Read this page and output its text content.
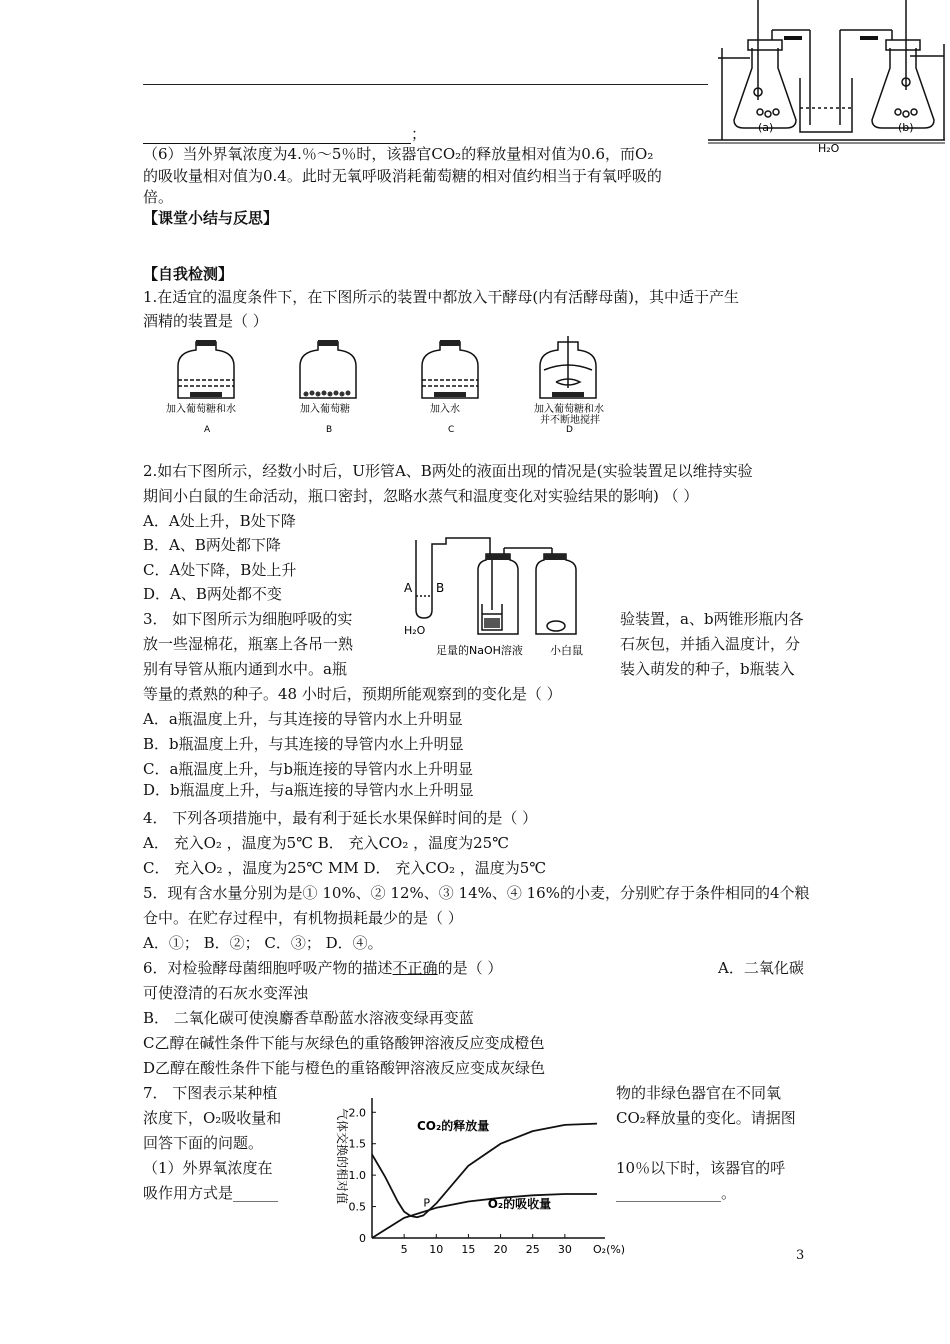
(a)	(b)
H₂O
；
（6）当外界氧浓度为4.％～5％时，该器官CO₂的释放量相对值为0.6，而O₂
的吸收量相对值为0.4。此时无氧呼吸消耗葡萄糖的相对值约相当于有氧呼吸的
倍。
【课堂小结与反思】
【自我检测】
1.在适宜的温度条件下，在下图所示的装置中都放入干酵母(内有活酵母菌)，其中适于产生
酒精的装置是（ ）
加入葡萄糖和水	加入葡萄糖	加入水	加入葡萄糖和水
并不断地搅拌
A	B	C	D
2.如右下图所示，经数小时后，U形管A、B两处的液面出现的情况是(实验装置足以维持实验
期间小白鼠的生命活动，瓶口密封，忽略水蒸气和温度变化对实验结果的影响) （ ）
A．A处上升，B处下降
B．A、B两处都下降
C．A处下降，B处上升
D．A、B两处都不变	A B
H₂O
足量的NaOH溶液 小白鼠
3． 如下图所示为细胞呼吸的实	验装置，a、b两锥形瓶内各
放一些湿棉花，瓶塞上各吊一熟	石灰包，并插入温度计，分
别有导管从瓶内通到水中。a瓶	装入萌发的种子，b瓶装入
等量的煮熟的种子。48 小时后，预期所能观察到的变化是（ ）
A．a瓶温度上升，与其连接的导管内水上升明显
B．b瓶温度上升，与其连接的导管内水上升明显
C．a瓶温度上升，与b瓶连接的导管内水上升明显
D．b瓶温度上升，与a瓶连接的导管内水上升明显
4． 下列各项措施中，最有利于延长水果保鲜时间的是（ ）
A． 充入O₂ ，温度为5℃ B． 充入CO₂ ，温度为25℃
C． 充入O₂ ，温度为25℃ MM D． 充入CO₂ ，温度为5℃
5．现有含水量分别为是① 10%、② 12%、③ 14%、④ 16%的小麦，分别贮存于条件相同的4个粮
仓中。在贮存过程中，有机物损耗最少的是（ ）
A．①； B．②； C．③； D．④。
6．对检验酵母菌细胞呼吸产物的描述不正确的是（ ）	A．二氧化碳
可使澄清的石灰水变浑浊
B． 二氧化碳可使溴麝香草酚蓝水溶液变绿再变蓝
C乙醇在碱性条件下能与灰绿色的重铬酸钾溶液反应变成橙色
D乙醇在酸性条件下能与橙色的重铬酸钾溶液反应变成灰绿色
7． 下图表示某种植	物的非绿色器官在不同氧
浓度下，O₂吸收量和	CO₂释放量的变化。请据图
回答下面的问题。
（1）外界氧浓度在	10％以下时，该器官的呼
吸作用方式是______	______________。
0
0.5
1.0
1.5
2.0
5 10 15 20 25 30 O₂(%)
气体交换的相对值	CO₂的释放量
O₂的吸收量
P
3
